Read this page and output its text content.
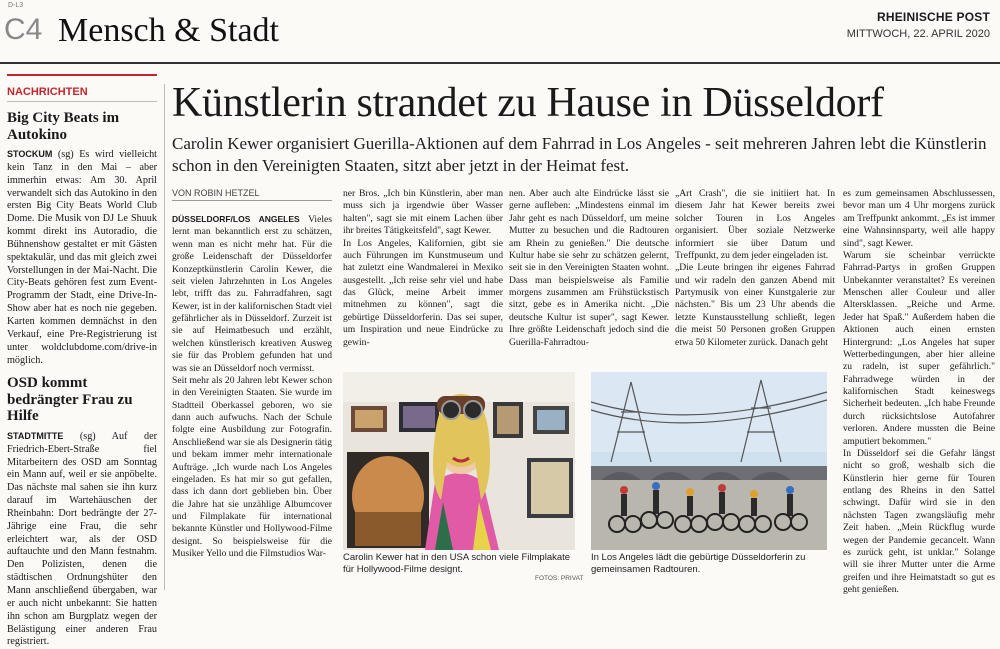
D-L3
C4 Mensch & Stadt	RHEINISCHE POST
MITTWOCH, 22. APRIL 2020
NACHRICHTEN
Big City Beats im Autokino

STOCKUM (sg) Es wird vielleicht kein Tanz in den Mai – aber immerhin etwas: Am 30. April verwandelt sich das Autokino in den ersten Big City Beats World Club Dome. Die Musik von DJ Le Shuuk kommt direkt ins Autoradio, die Bühnenshow gestaltet er mit Gästen spektakulär, und das mit gleich zwei Vorstellungen in der Mai-Nacht. Die City-Beats gehören fest zum Event-Programm der Stadt, eine Drive-In-Show aber hat es noch nie gegeben. Karten kommen demnächst in den Verkauf, eine Pre-Registrierung ist unter woldclubdome.com/drive-in möglich.

OSD kommt bedrängter Frau zu Hilfe

STADTMITTE (sg) Auf der Friedrich-Ebert-Straße fiel Mitarbeitern des OSD am Sonntag ein Mann auf, weil er sie anpöbelte. Das nächste mal sahen sie ihn kurz darauf im Wartehäuschen der Rheinbahn: Dort bedrängte der 27-Jährige eine Frau, die sehr erleichtert war, als der OSD auftauchte und den Mann festnahm. Den Polizisten, denen die städtischen Ordnungshüter den Mann anschließend übergaben, war er auch nicht unbekannt: Sie hatten ihn schon am Burgplatz wegen der Belästigung einer anderen Frau registriert.

Künstlerin strandet zu Hause in Düsseldorf
Carolin Kewer organisiert Guerilla-Aktionen auf dem Fahrrad in Los Angeles - seit mehreren Jahren lebt die Künstlerin schon in den Vereinigten Staaten, sitzt aber jetzt in der Heimat fest.
VON ROBIN HETZEL

DÜSSELDORF/LOS ANGELES Vieles lernt man bekanntlich erst zu schätzen, wenn man es nicht mehr hat. Für die große Leidenschaft der Düsseldorfer Konzeptkünstlerin Carolin Kewer, die seit vielen Jahrzehnten in Los Angeles lebt, trifft das zu. Fahrradfahren, sagt Kewer, ist in der kalifornischen Stadt viel gefährlicher als in Düsseldorf. Zurzeit ist sie auf Heimatbesuch und erzählt, welchen künstlerisch kreativen Ausweg sie für das Problem gefunden hat und was sie an Düsseldorf noch vermisst.
Seit mehr als 20 Jahren lebt Kewer schon in den Vereinigten Staaten. Sie wurde im Stadtteil Oberkassel geboren, wo sie dann auch aufwuchs. Nach der Schule folgte eine Ausbildung zur Fotografin. Anschließend war sie als Designerin tätig und bekam immer mehr internationale Aufträge. „Ich wurde nach Los Angeles eingeladen. Es hat mir so gut gefallen, dass ich dann dort geblieben bin. Über die Jahre hat sie unzählige Albumcover und Filmplakate für international bekannte Künstler und Hollywood-Filme designt. So beispielsweise für die Musiker Yello und die Filmstudios War-

ner Bros. „Ich bin Künstlerin, aber man muss sich ja irgendwie über Wasser halten", sagt sie mit einem Lachen über ihr breites Tätigkeitsfeld", sagt Kewer.
In Los Angeles, Kalifornien, gibt sie auch Führungen im Kunstmuseum und hat zuletzt eine Wandmalerei in Mexiko ausgestellt. „Ich reise sehr viel und habe das Glück, meine Arbeit immer mitnehmen zu können", sagt die gebürtige Düsseldorferin. Das sei super, um Inspiration und neue Eindrücke zu gewin-

nen. Aber auch alte Eindrücke lässt sie gerne aufleben: „Mindestens einmal im Jahr geht es nach Düsseldorf, um meine Mutter zu besuchen und die Radtouren am Rhein zu genießen." Die deutsche Kultur habe sie sehr zu schätzen gelernt, seit sie in den Vereinigten Staaten wohnt. Dass man beispielsweise als Familie morgens zusammen am Frühstückstisch sitzt, gebe es in Amerika nicht. „Die deutsche Kultur ist super", sagt Kewer. Ihre größte Leidenschaft jedoch sind die Guerilla-Fahrradtou-

„Art Crash", die sie initiiert hat. In diesem Jahr hat Kewer bereits zwei solcher Touren in Los Angeles organisiert. Über soziale Netzwerke informiert sie über Datum und Treffpunkt, zu dem jeder eingeladen ist.
„Die Leute bringen ihr eigenes Fahrrad und wir radeln den ganzen Abend mit Partymusik von einer Kunstgalerie zur nächsten." Bis um 23 Uhr abends die letzte Kunstausstellung schließt, legen die meist 50 Personen großen Gruppen etwa 50 Kilometer zurück. Danach geht

es zum gemeinsamen Abschlussessen, bevor man um 4 Uhr morgens zurück am Treffpunkt ankommt. „Es ist immer eine Wahnsinnsparty, weil alle happy sind", sagt Kewer.
Warum sie scheinbar verrückte Fahrrad-Partys in großen Gruppen Unbekannter veranstaltet? Es vereinen Menschen aller Couleur und aller Altersklassen. „Reiche und Arme. Jeder hat Spaß." Außerdem haben die Aktionen auch einen ernsten Hintergrund: „Los Angeles hat super Wetterbedingungen, aber hier alleine zu radeln, ist super gefährlich." Fahrradwege würden in der kalifornischen Stadt keineswegs Sicherheit bedeuten. „Ich habe Freunde durch rücksichtslose Autofahrer verloren. Andere mussten die Beine amputiert bekommen."
In Düsseldorf sei die Gefahr längst nicht so groß, weshalb sich die Künstlerin hier gerne für Touren entlang des Rheins in den Sattel schwingt. Dafür wird sie in den nächsten Tagen zwangsläufig mehr Zeit haben. „Mein Rückflug wurde wegen der Pandemie gecancelt. Wann es zurück geht, ist unklar." Solange will sie ihrer Mutter unter die Arme greifen und ihre Heimatstadt so gut es geht genießen.

Carolin Kewer hat in den USA schon viele Filmplakate für Hollywood-Filme designt.
FOTOS: PRIVAT
In Los Angeles lädt die gebürtige Düsseldorferin zu gemeinsamen Radtouren.
